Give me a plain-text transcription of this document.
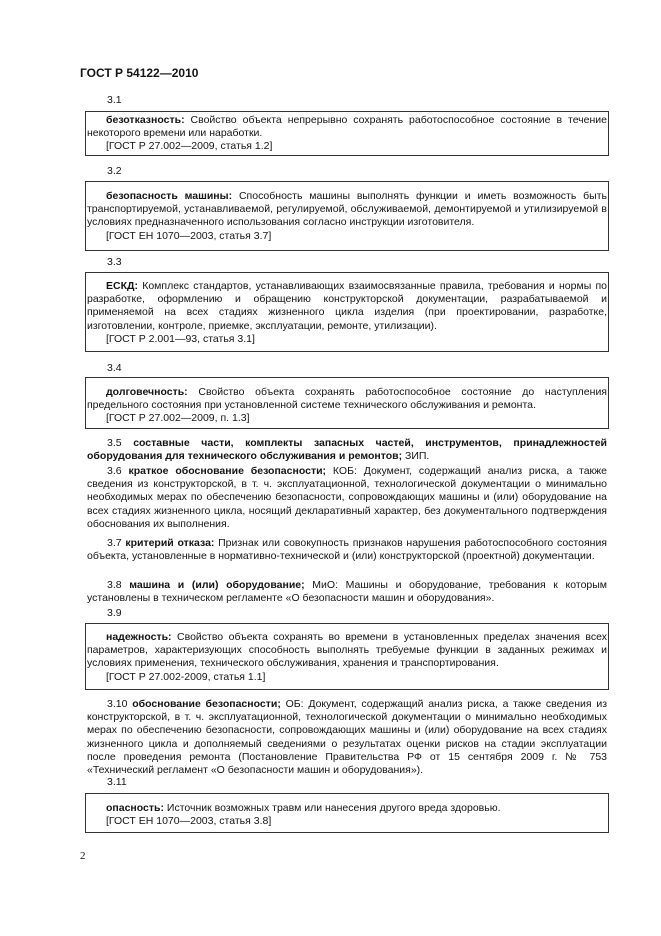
ГОСТ Р 54122—2010
3.1

безотказность: Свойство объекта непрерывно сохранять работоспособное состояние в течение некоторого времени или наработки.

[ГОСТ Р 27.002—2009, статья 1.2]

3.2

безопасность машины: Способность машины выполнять функции и иметь возможность быть транспортируемой, устанавливаемой, регулируемой, обслуживаемой, демонтируемой и утилизируемой в условиях предназначенного использования согласно инструкции изготовителя.

[ГОСТ ЕН 1070—2003, статья 3.7]

3.3

ЕСКД: Комплекс стандартов, устанавливающих взаимосвязанные правила, требования и нормы по разработке, оформлению и обращению конструкторской документации, разрабатываемой и применяемой на всех стадиях жизненного цикла изделия (при проектировании, разработке, изготовлении, контроле, приемке, эксплуатации, ремонте, утилизации).

[ГОСТ Р 2.001—93, статья 3.1]

3.4

долговечность: Свойство объекта сохранять работоспособное состояние до наступления предельного состояния при установленной системе технического обслуживания и ремонта.

[ГОСТ Р 27.002—2009, п. 1.3]

3.5 составные части, комплекты запасных частей, инструментов, принадлежностей оборудования для технического обслуживания и ремонтов; ЗИП.

3.6 краткое обоснование безопасности; КОБ: Документ, содержащий анализ риска, а также сведения из конструкторской, в т. ч. эксплуатационной, технологической документации о минимально необходимых мерах по обеспечению безопасности, сопровождающих машины и (или) оборудование на всех стадиях жизненного цикла, носящий декларативный характер, без документального подтверждения обоснования их выполнения.

3.7 критерий отказа: Признак или совокупность признаков нарушения работоспособного состояния объекта, установленные в нормативно-технической и (или) конструкторской (проектной) документации.

3.8 машина и (или) оборудование; МиО: Машины и оборудование, требования к которым установлены в техническом регламенте «О безопасности машин и оборудования».

3.9

надежность: Свойство объекта сохранять во времени в установленных пределах значения всех параметров, характеризующих способность выполнять требуемые функции в заданных режимах и условиях применения, технического обслуживания, хранения и транспортирования.

[ГОСТ Р 27.002-2009, статья 1.1]

3.10 обоснование безопасности; ОБ: Документ, содержащий анализ риска, а также сведения из конструкторской, в т. ч. эксплуатационной, технологической документации о минимально необходимых мерах по обеспечению безопасности, сопровождающих машины и (или) оборудование на всех стадиях жизненного цикла и дополняемый сведениями о результатах оценки рисков на стадии эксплуатации после проведения ремонта (Постановление Правительства РФ от 15 сентября 2009 г. № 753 «Технический регламент «О безопасности машин и оборудования»).

3.11

опасность: Источник возможных травм или нанесения другого вреда здоровью.

[ГОСТ ЕН 1070—2003, статья 3.8]

2
